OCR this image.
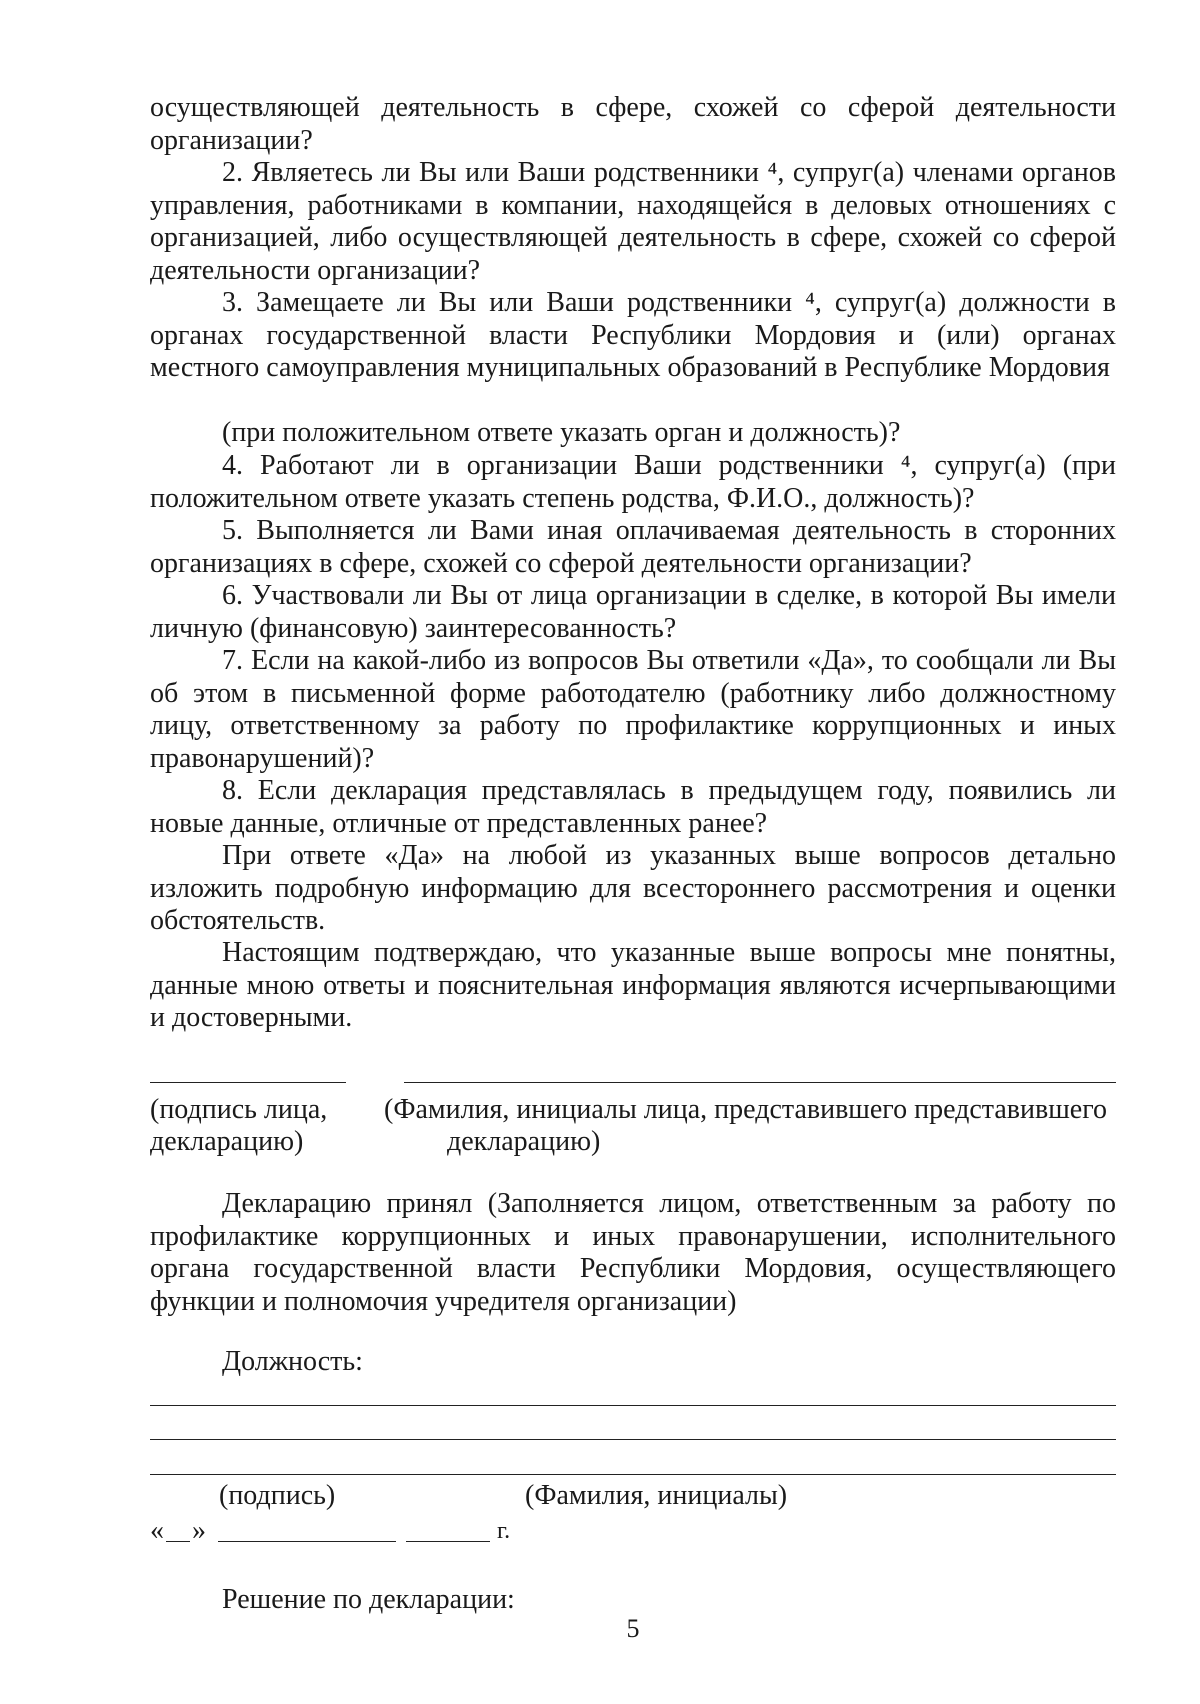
осуществляющей деятельность в сфере, схожей со сферой деятельности организации?

2. Являетесь ли Вы или Ваши родственники ⁴, супруг(а) членами органов управления, работниками в компании, находящейся в деловых отношениях с организацией, либо осуществляющей деятельность в сфере, схожей со сферой деятельности организации?

3. Замещаете ли Вы или Ваши родственники ⁴, супруг(а) должности в органах государственной власти Республики Мордовия и (или) органах местного самоуправления муниципальных образований в Республике Мордовия

(при положительном ответе указать орган и должность)?

4. Работают ли в организации Ваши родственники ⁴, супруг(а) (при положительном ответе указать степень родства, Ф.И.О., должность)?

5. Выполняется ли Вами иная оплачиваемая деятельность в сторонних организациях в сфере, схожей со сферой деятельности организации?

6. Участвовали ли Вы от лица организации в сделке, в которой Вы имели личную (финансовую) заинтересованность?

7. Если на какой-либо из вопросов Вы ответили «Да», то сообщали ли Вы об этом в письменной форме работодателю (работнику либо должностному лицу, ответственному за работу по профилактике коррупционных и иных правонарушений)?

8. Если декларация представлялась в предыдущем году, появились ли новые данные, отличные от представленных ранее?

При ответе «Да» на любой из указанных выше вопросов детально изложить подробную информацию для всестороннего рассмотрения и оценки обстоятельств.

Настоящим подтверждаю, что указанные выше вопросы мне понятны, данные мною ответы и пояснительная информация являются исчерпывающими и достоверными.

(подпись лица,
декларацию)
(Фамилия, инициалы лица, представившего представившего
декларацию)

Декларацию принял (Заполняется лицом, ответственным за работу по профилактике коррупционных и иных правонарушении, исполнительного органа государственной власти Республики Мордовия, осуществляющего функции и полномочия учредителя организации)

Должность:
(подпись)	(Фамилия, инициалы)
« »	г.
Решение по декларации:
5
